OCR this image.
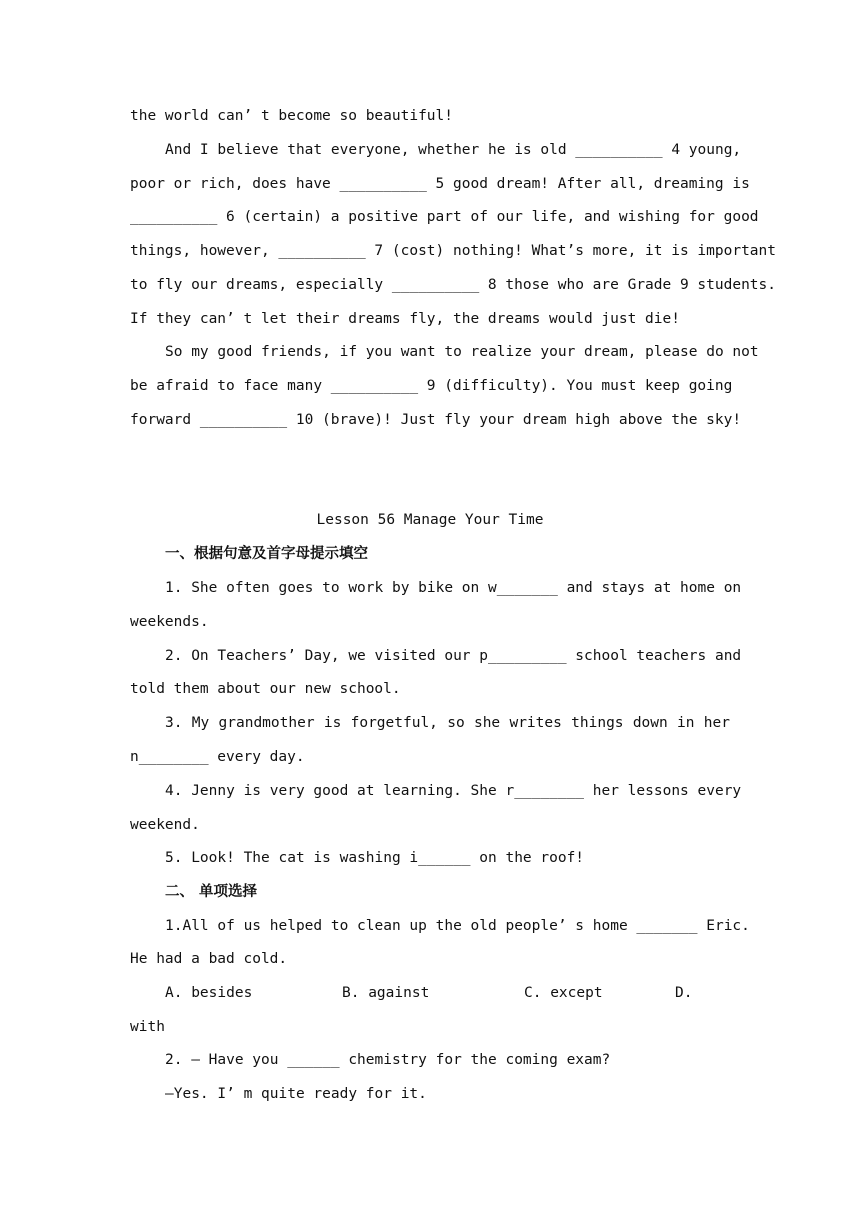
the world can’ t become so beautiful!
And I believe that everyone, whether he is old __________ 4 young,
poor or rich, does have __________ 5 good dream! After all, dreaming is
__________ 6 (certain) a positive part of our life, and wishing for good
things, however, __________ 7 (cost) nothing! What’s more, it is important
to fly our dreams, especially __________ 8 those who are Grade 9 students.
If they can’ t let their dreams fly, the dreams would just die!
So my good friends, if you want to realize your dream, please do not
be afraid to face many __________ 9 (difficulty). You must keep going
forward __________ 10 (brave)! Just fly your dream high above the sky!
Lesson 56 Manage Your Time
一、根据句意及首字母提示填空
1. She often goes to work by bike on w_______ and stays at home on
weekends.
2. On Teachers’ Day, we visited our p_________ school teachers and
told them about our new school.
3. My grandmother is forgetful, so she writes things down in her
n________ every day.
4. Jenny is very good at learning. She r________ her lessons every
weekend.
5. Look! The cat is washing i______ on the roof!
二、 单项选择
1.All of us helped to clean up the old people’ s home _______ Eric.
He had a bad cold.
A. besides	B. against	C. except	D.
with
2. — Have you ______ chemistry for the coming exam?
—Yes. I’ m quite ready for it.
